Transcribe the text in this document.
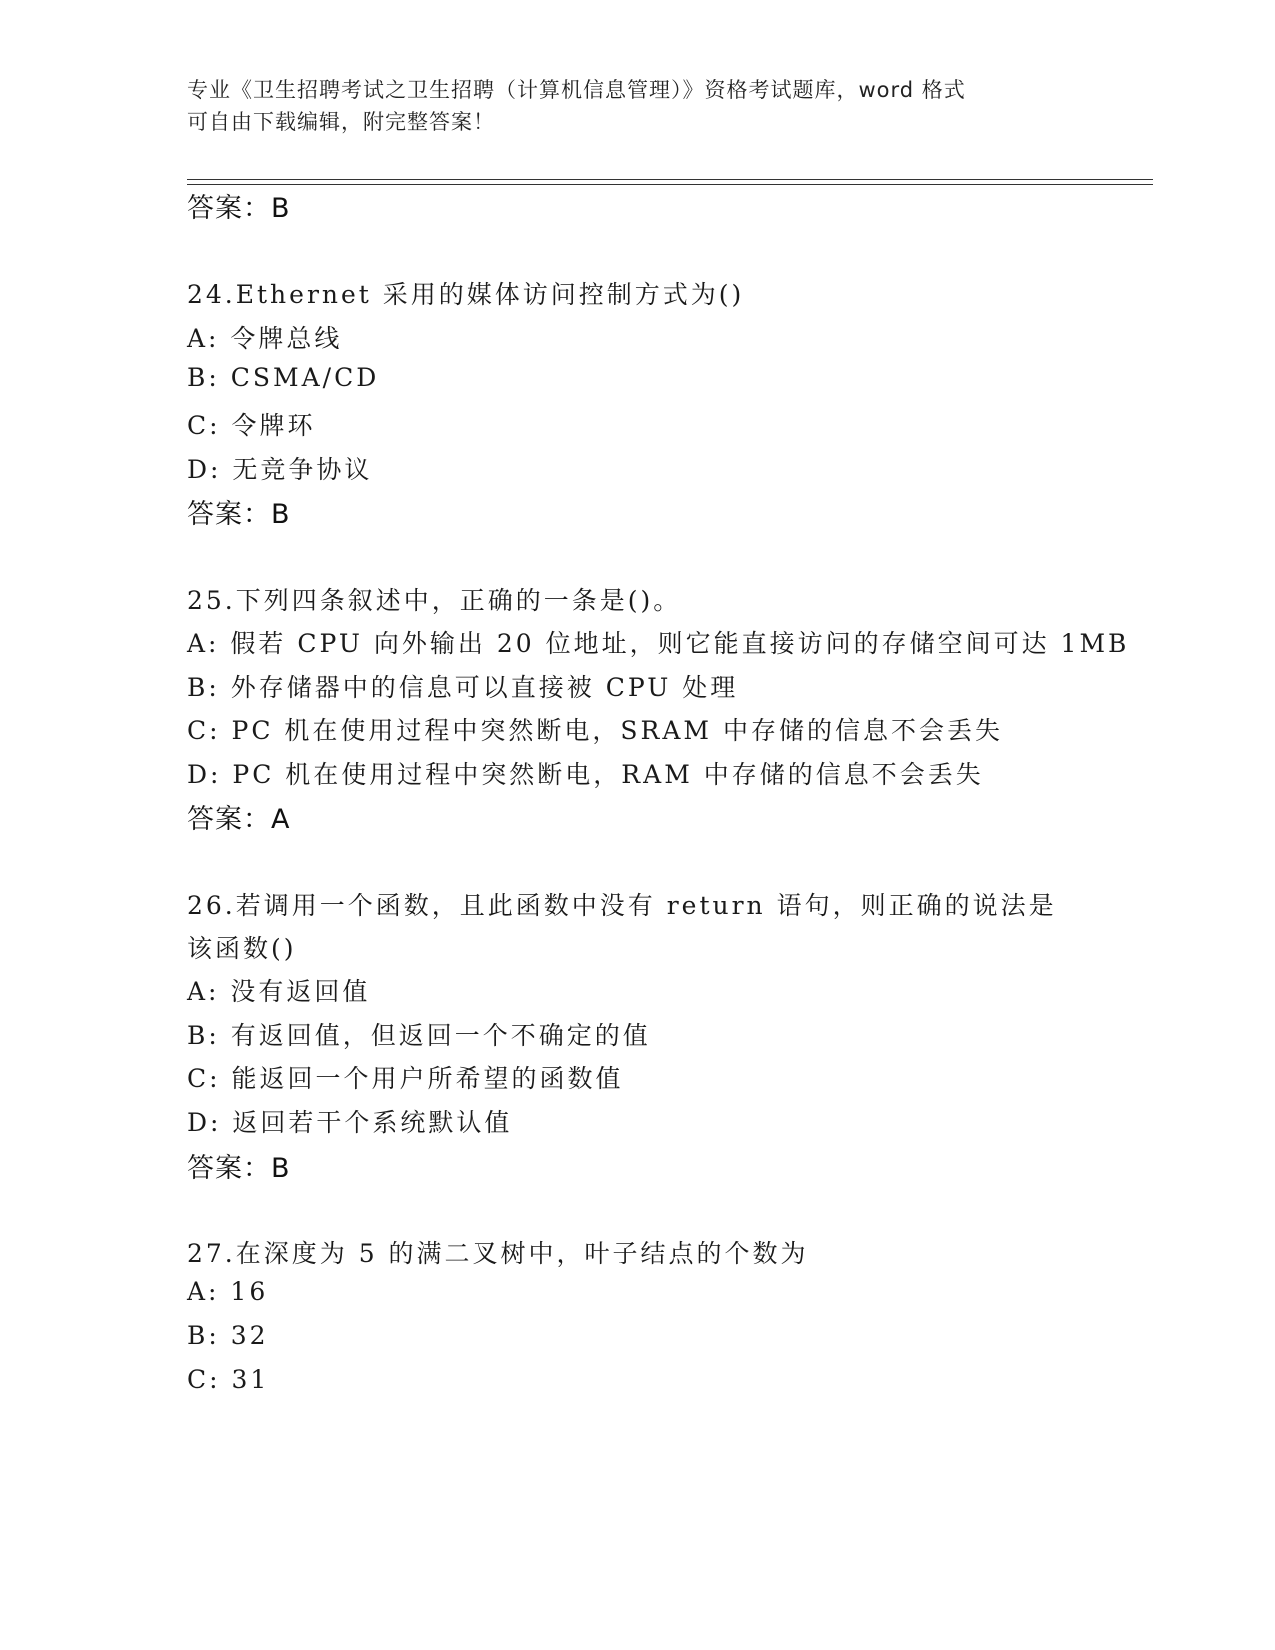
专业《卫生招聘考试之卫生招聘（计算机信息管理）》资格考试题库，word 格式
可自由下载编辑，附完整答案！
答案：B
24.Ethernet 采用的媒体访问控制方式为()
A: 令牌总线
B: CSMA/CD
C: 令牌环
D: 无竞争协议
答案：B
25.下列四条叙述中，正确的一条是()。
A: 假若 CPU 向外输出 20 位地址，则它能直接访问的存储空间可达 1MB
B: 外存储器中的信息可以直接被 CPU 处理
C: PC 机在使用过程中突然断电，SRAM 中存储的信息不会丢失
D: PC 机在使用过程中突然断电，RAM 中存储的信息不会丢失
答案：A
26.若调用一个函数，且此函数中没有 return 语句，则正确的说法是
该函数()
A: 没有返回值
B: 有返回值，但返回一个不确定的值
C: 能返回一个用户所希望的函数值
D: 返回若干个系统默认值
答案：B
27.在深度为 5 的满二叉树中，叶子结点的个数为
A: 16
B: 32
C: 31
